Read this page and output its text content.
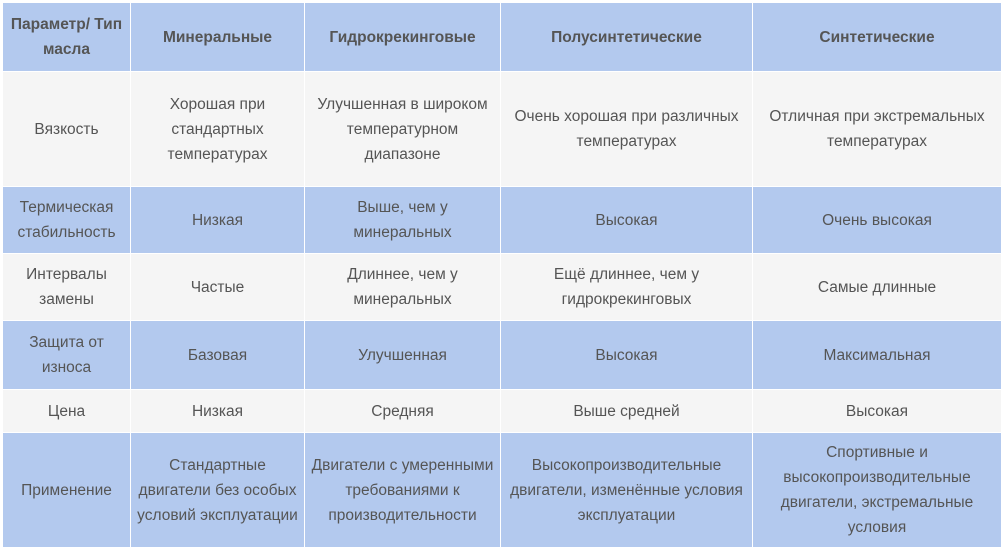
Параметр/ Тип масла	Минеральные	Гидрокрекинговые	Полусинтетические	Синтетические
Вязкость	Хорошая при стандартных температурах	Улучшенная в широком температурном диапазоне	Очень хорошая при различных температурах	Отличная при экстремальных температурах
Термическая стабильность	Низкая	Выше, чем у минеральных	Высокая	Очень высокая
Интервалы замены	Частые	Длиннее, чем у минеральных	Ещё длиннее, чем у гидрокрекинговых	Самые длинные
Защита от износа	Базовая	Улучшенная	Высокая	Максимальная
Цена	Низкая	Средняя	Выше средней	Высокая
Применение	Стандартные двигатели без особых условий эксплуатации	Двигатели с умеренными требованиями к производительности	Высокопроизводительные двигатели, изменённые условия эксплуатации	Спортивные и высокопроизводительные двигатели, экстремальные условия
